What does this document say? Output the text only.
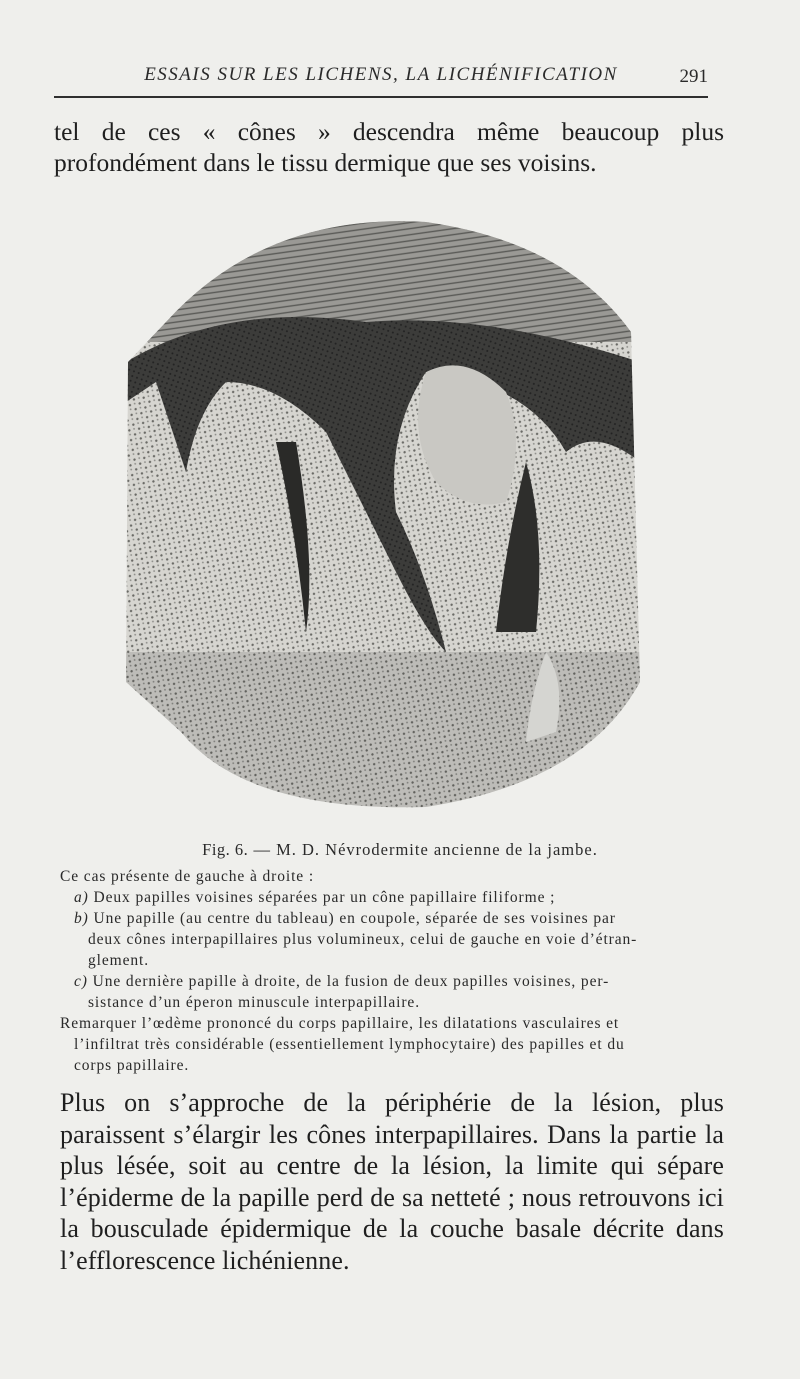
ESSAIS SUR LES LICHENS, LA LICHÉNIFICATION	291

tel de ces « cônes » descendra même beaucoup plus profondément dans le tissu dermique que ses voisins.

Fig. 6. — M. D. Névrodermite ancienne de la jambe.
Ce cas présente de gauche à droite :
a) Deux papilles voisines séparées par un cône papillaire filiforme ;
b) Une papille (au centre du tableau) en coupole, séparée de ses voisines par
deux cônes interpapillaires plus volumineux, celui de gauche en voie d’étran-
glement.
c) Une dernière papille à droite, de la fusion de deux papilles voisines, per-
sistance d’un éperon minuscule interpapillaire.
Remarquer l’œdème prononcé du corps papillaire, les dilatations vasculaires et
l’infiltrat très considérable (essentiellement lymphocytaire) des papilles et du
corps papillaire.

Plus on s’approche de la périphérie de la lésion, plus paraissent s’élargir les cônes interpapillaires. Dans la partie la plus lésée, soit au centre de la lésion, la limite qui sépare l’épiderme de la papille perd de sa netteté ; nous retrouvons ici la bousculade épidermique de la couche basale décrite dans l’efflorescence lichénienne.
